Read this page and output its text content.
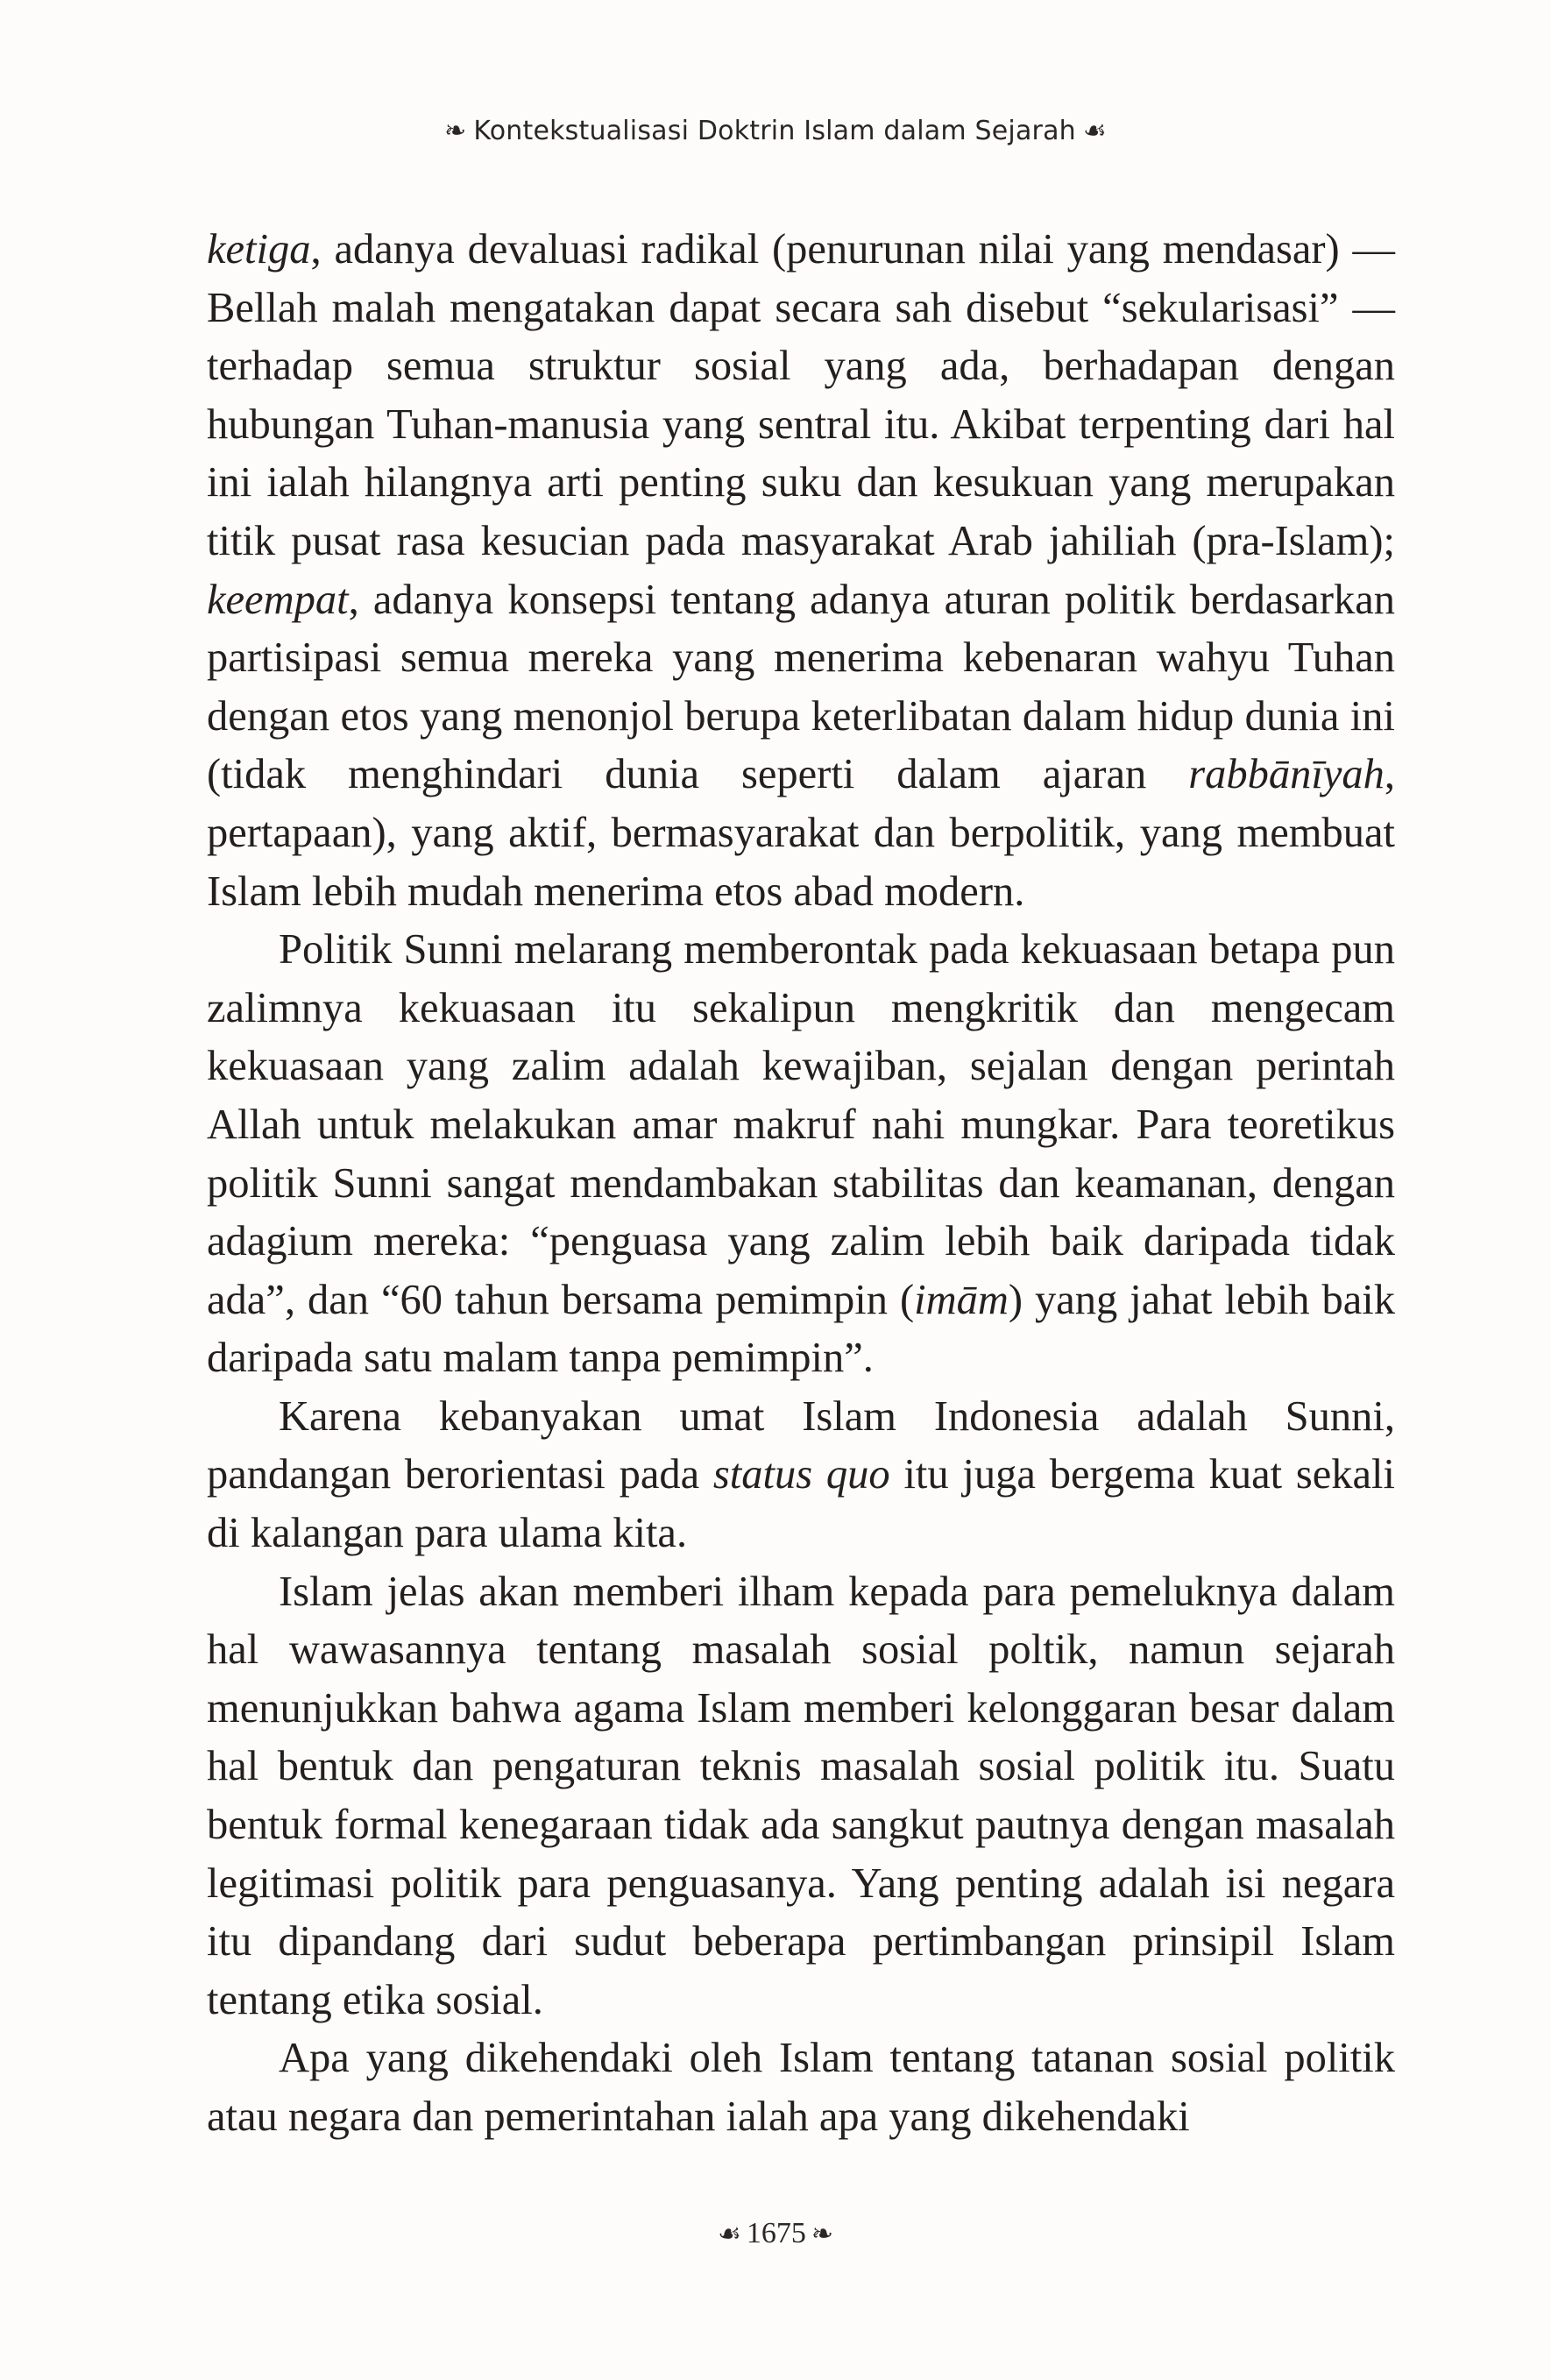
❧ Kontekstualisasi Doktrin Islam dalam Sejarah ☙

ketiga, adanya devaluasi radikal (penurunan nilai yang mendasar) — Bellah malah mengatakan dapat secara sah disebut “sekularisasi” — terhadap semua struktur sosial yang ada, berhadapan dengan hubungan Tuhan-manusia yang sentral itu. Akibat terpenting dari hal ini ialah hilangnya arti penting suku dan kesukuan yang merupakan titik pusat rasa kesucian pada masyarakat Arab jahiliah (pra-Islam); keempat, adanya konsepsi tentang adanya aturan politik berdasarkan partisipasi semua mereka yang menerima kebenaran wahyu Tuhan dengan etos yang menonjol berupa keterlibatan dalam hidup dunia ini (tidak menghindari dunia seperti dalam ajaran rabbānīyah, pertapaan), yang aktif, bermasyarakat dan berpolitik, yang membuat Islam lebih mudah menerima etos abad modern.

Politik Sunni melarang memberontak pada kekuasaan betapa pun zalimnya kekuasaan itu sekalipun mengkritik dan mengecam kekuasaan yang zalim adalah kewajiban, sejalan dengan perintah Allah untuk melakukan amar makruf nahi mungkar. Para teoretikus politik Sunni sangat mendambakan stabilitas dan keamanan, dengan adagium mereka: “penguasa yang zalim lebih baik daripada tidak ada”, dan “60 tahun bersama pemimpin (imām) yang jahat lebih baik daripada satu malam tanpa pemimpin”.

Karena kebanyakan umat Islam Indonesia adalah Sunni, pandangan berorientasi pada status quo itu juga bergema kuat sekali di kalangan para ulama kita.

Islam jelas akan memberi ilham kepada para pemeluknya dalam hal wawasannya tentang masalah sosial poltik, namun sejarah menunjukkan bahwa agama Islam memberi kelonggaran besar dalam hal bentuk dan pengaturan teknis masalah sosial politik itu. Suatu bentuk formal kenegaraan tidak ada sangkut pautnya dengan masalah legitimasi politik para penguasanya. Yang penting adalah isi negara itu dipandang dari sudut beberapa pertimbangan prinsipil Islam tentang etika sosial.

Apa yang dikehendaki oleh Islam tentang tatanan sosial politik atau negara dan pemerintahan ialah apa yang dikehendaki

☙ 1675 ❧
